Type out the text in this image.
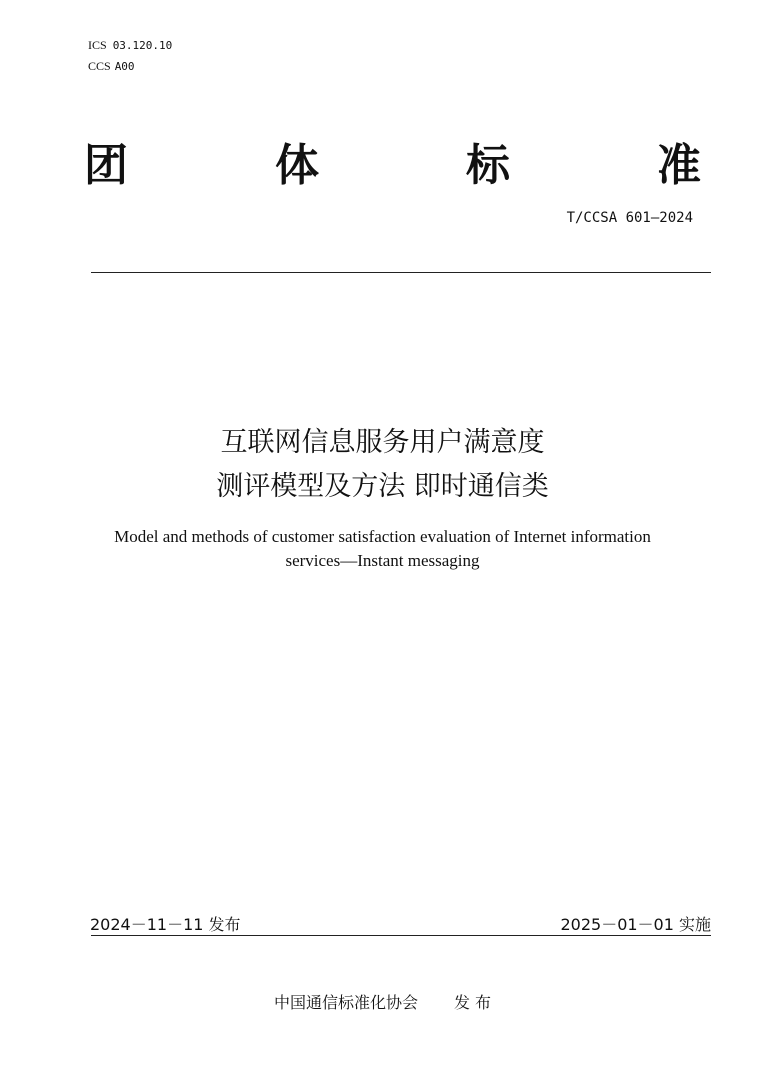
ICS 03.120.10
CCS A00
团	体	标	准
T/CCSA 601—2024
互联网信息服务用户满意度
测评模型及方法 即时通信类
Model and methods of customer satisfaction evaluation of Internet information
services—Instant messaging
2024－11－11 发布	2025－01－01 实施
中国通信标准化协会 发 布
